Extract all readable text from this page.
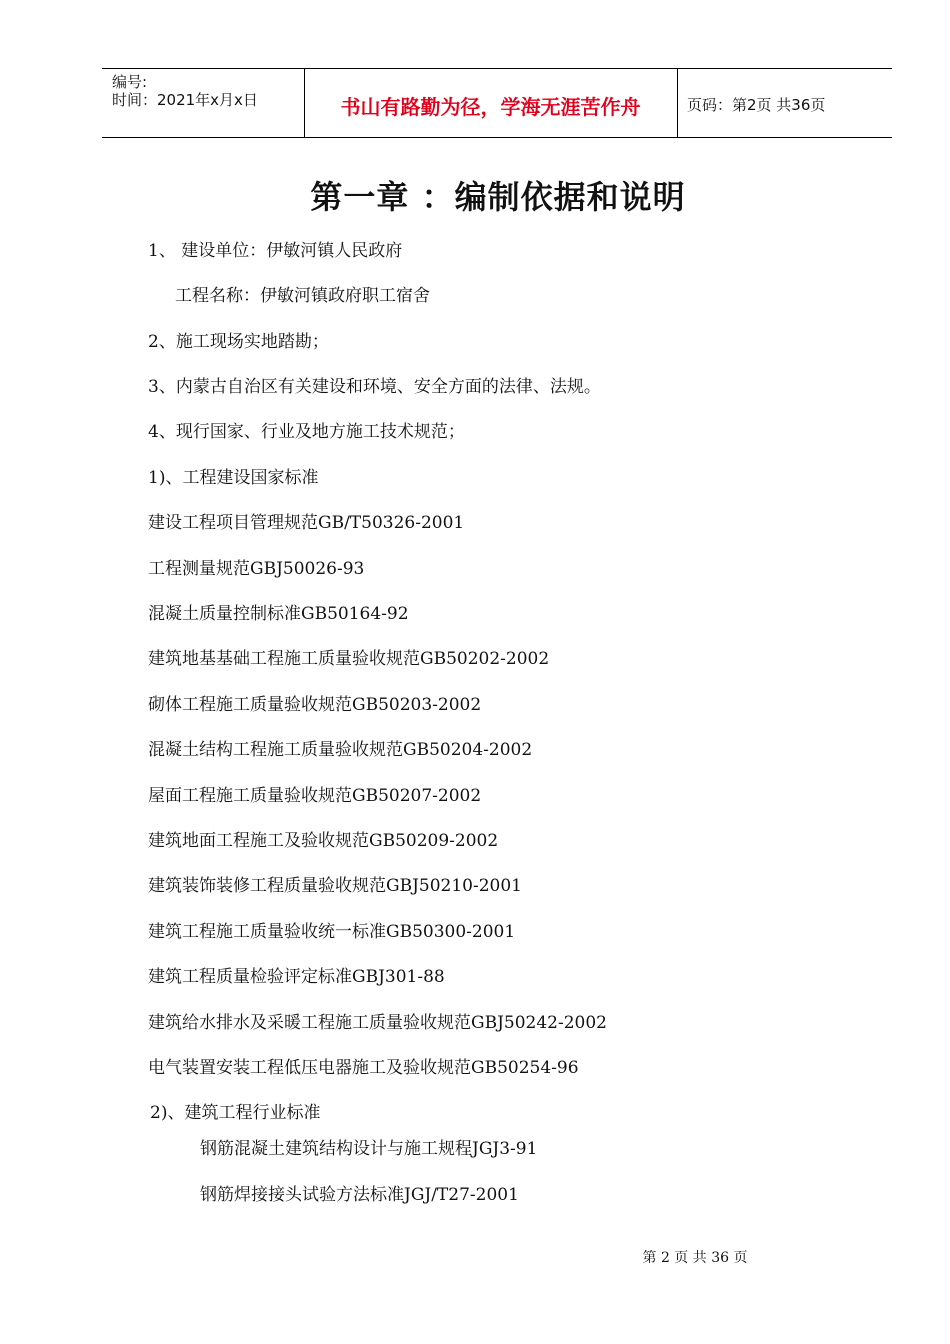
编号:
时间：2021年x月x日	书山有路勤为径，学海无涯苦作舟	页码：第2页 共36页
第一章 ：编制依据和说明
1、 建设单位：伊敏河镇人民政府
工程名称：伊敏河镇政府职工宿舍
2、施工现场实地踏勘；
3、内蒙古自治区有关建设和环境、安全方面的法律、法规。
4、现行国家、行业及地方施工技术规范；
1)、工程建设国家标准
建设工程项目管理规范GB/T50326-2001
工程测量规范GBJ50026-93
混凝土质量控制标准GB50164-92
建筑地基基础工程施工质量验收规范GB50202-2002
砌体工程施工质量验收规范GB50203-2002
混凝土结构工程施工质量验收规范GB50204-2002
屋面工程施工质量验收规范GB50207-2002
建筑地面工程施工及验收规范GB50209-2002
建筑装饰装修工程质量验收规范GBJ50210-2001
建筑工程施工质量验收统一标准GB50300-2001
建筑工程质量检验评定标准GBJ301-88
建筑给水排水及采暖工程施工质量验收规范GBJ50242-2002
电气装置安装工程低压电器施工及验收规范GB50254-96
2)、建筑工程行业标准
钢筋混凝土建筑结构设计与施工规程JGJ3-91
钢筋焊接接头试验方法标准JGJ/T27-2001
第 2 页 共 36 页
